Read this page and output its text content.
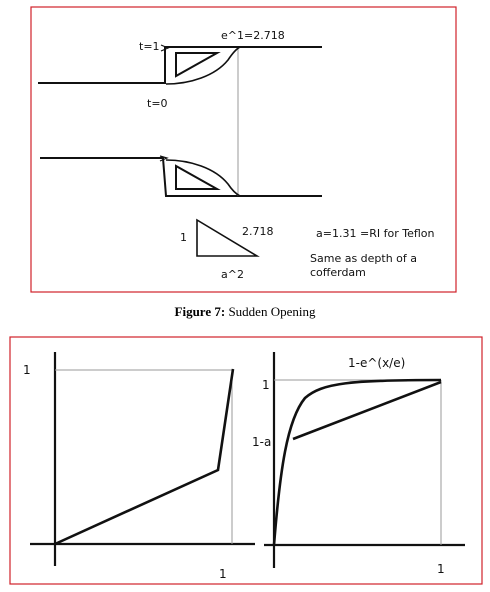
e^1=2.718
t=1
t=0
1	2.718
a^2
a=1.31 =RI for Teflon
Same as depth of a
cofferdam
Figure 7: Sudden Opening
1
1
1-e^(x/e)
1
1-a
1
